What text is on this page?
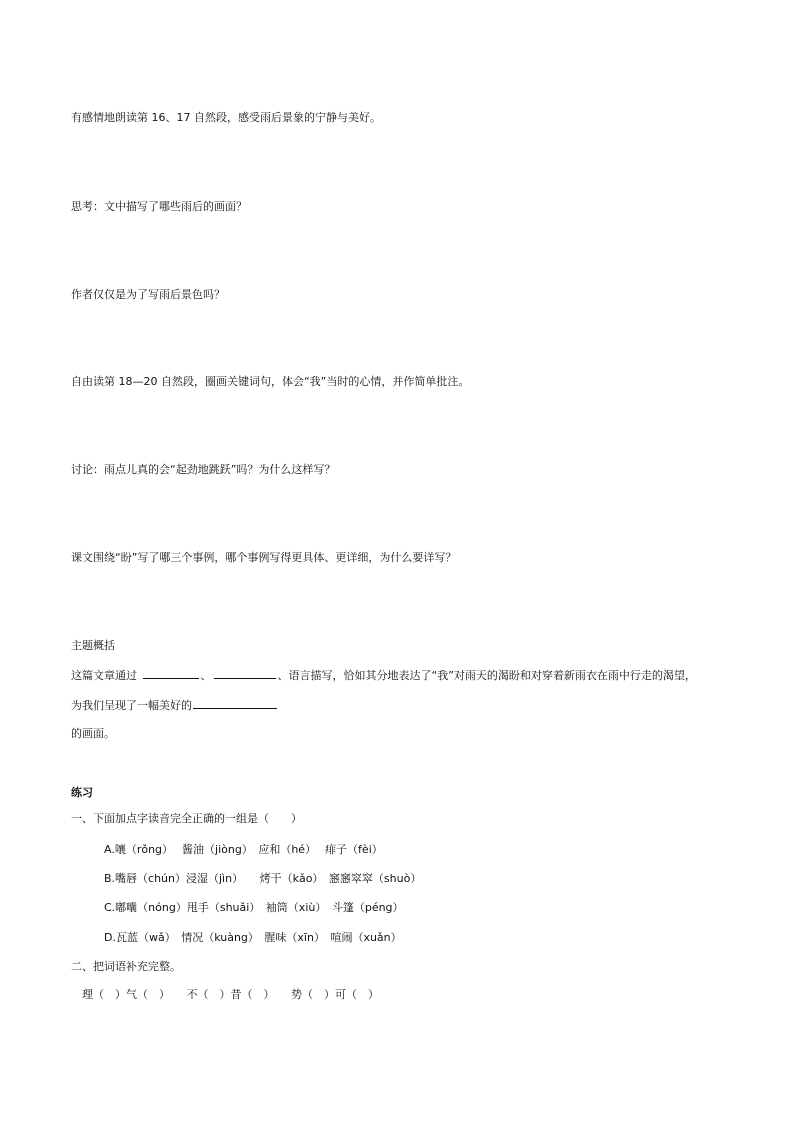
有感情地朗读第 16、17 自然段，感受雨后景象的宁静与美好。
思考：文中描写了哪些雨后的画面？
作者仅仅是为了写雨后景色吗？
自由读第 18—20 自然段，圈画关键词句，体会“我”当时的心情，并作简单批注。
讨论：雨点儿真的会“起劲地跳跃”吗？为什么这样写？
课文围绕“盼”写了哪三个事例，哪个事例写得更具体、更详细，为什么要详写？
主题概括
这篇文章通过	、	、语言描写，恰如其分地表达了“我”对雨天的渴盼和对穿着新雨衣在雨中行走的渴望，
为我们呈现了一幅美好的
的画面。
练习
一、下面加点字读音完全正确的一组是（　　）
A.嚷（rǒng）　 酱油（jiòng）　应和（hé）　 痱子（fèi）
B.嘴唇（chún）浸湿（jìn）　　烤干（kǎo）　窸窸窣窣（shuò）
C.嘟囔（nóng）甩手（shuǎi）　袖筒（xiù）　斗篷（péng）
D.瓦蓝（wǎ）　情况（kuàng）　腥味（xīn）　喧闹（xuǎn）
二、把词语补充完整。
理（　）气（　）　　不（　）昔（　）　　势（　）可（　）
